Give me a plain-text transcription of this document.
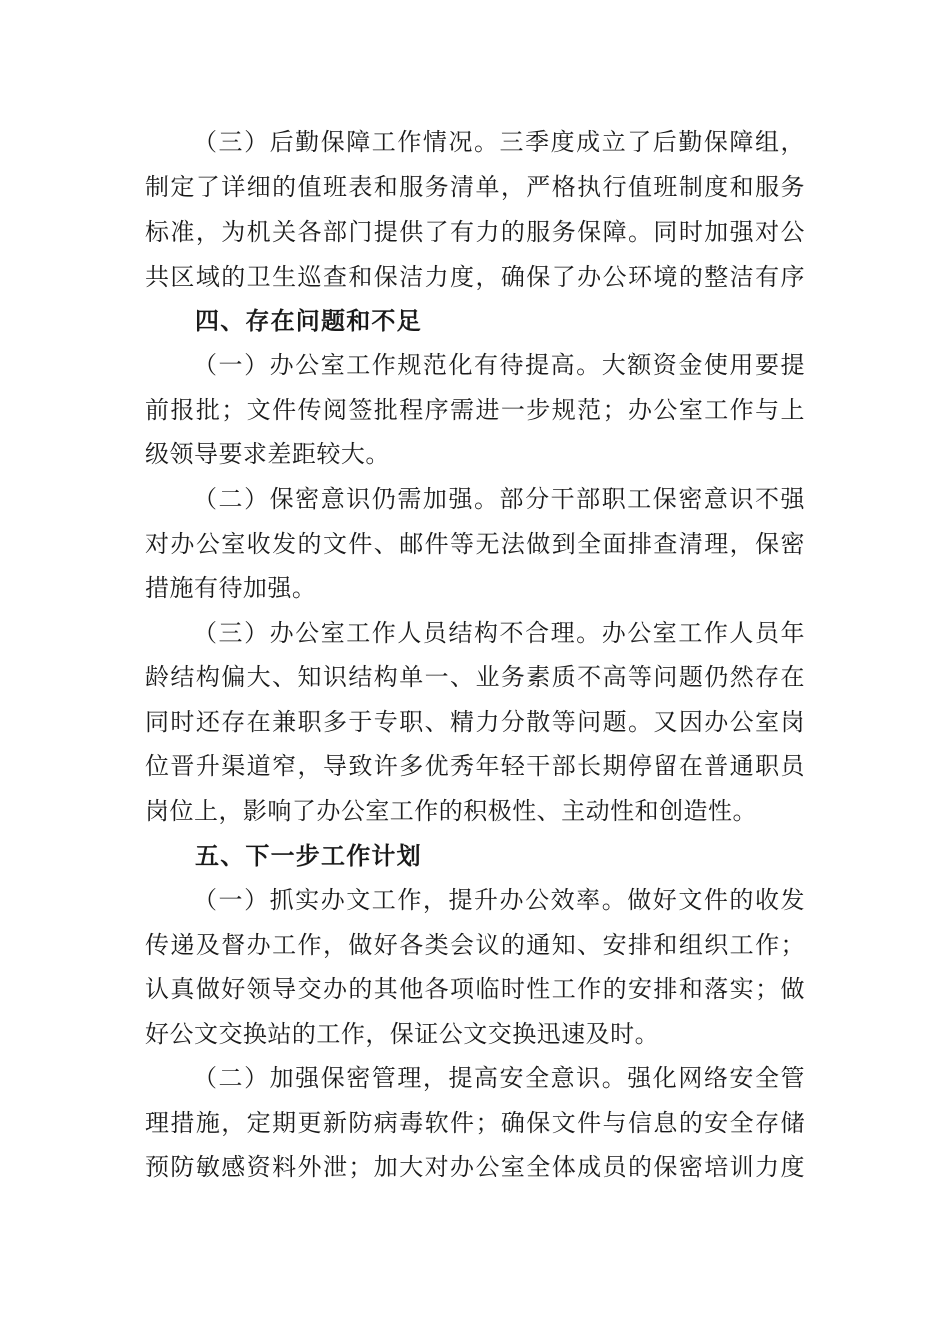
（三）后勤保障工作情况。三季度成立了后勤保障组，
制定了详细的值班表和服务清单，严格执行值班制度和服务
标准，为机关各部门提供了有力的服务保障。同时加强对公
共区域的卫生巡查和保洁力度，确保了办公环境的整洁有序
四、存在问题和不足
（一）办公室工作规范化有待提高。大额资金使用要提
前报批；文件传阅签批程序需进一步规范；办公室工作与上
级领导要求差距较大。
（二）保密意识仍需加强。部分干部职工保密意识不强
对办公室收发的文件、邮件等无法做到全面排查清理，保密
措施有待加强。
（三）办公室工作人员结构不合理。办公室工作人员年
龄结构偏大、知识结构单一、业务素质不高等问题仍然存在
同时还存在兼职多于专职、精力分散等问题。又因办公室岗
位晋升渠道窄，导致许多优秀年轻干部长期停留在普通职员
岗位上，影响了办公室工作的积极性、主动性和创造性。
五、下一步工作计划
（一）抓实办文工作，提升办公效率。做好文件的收发
传递及督办工作，做好各类会议的通知、安排和组织工作；
认真做好领导交办的其他各项临时性工作的安排和落实；做
好公文交换站的工作，保证公文交换迅速及时。
（二）加强保密管理，提高安全意识。强化网络安全管
理措施，定期更新防病毒软件；确保文件与信息的安全存储
预防敏感资料外泄；加大对办公室全体成员的保密培训力度
